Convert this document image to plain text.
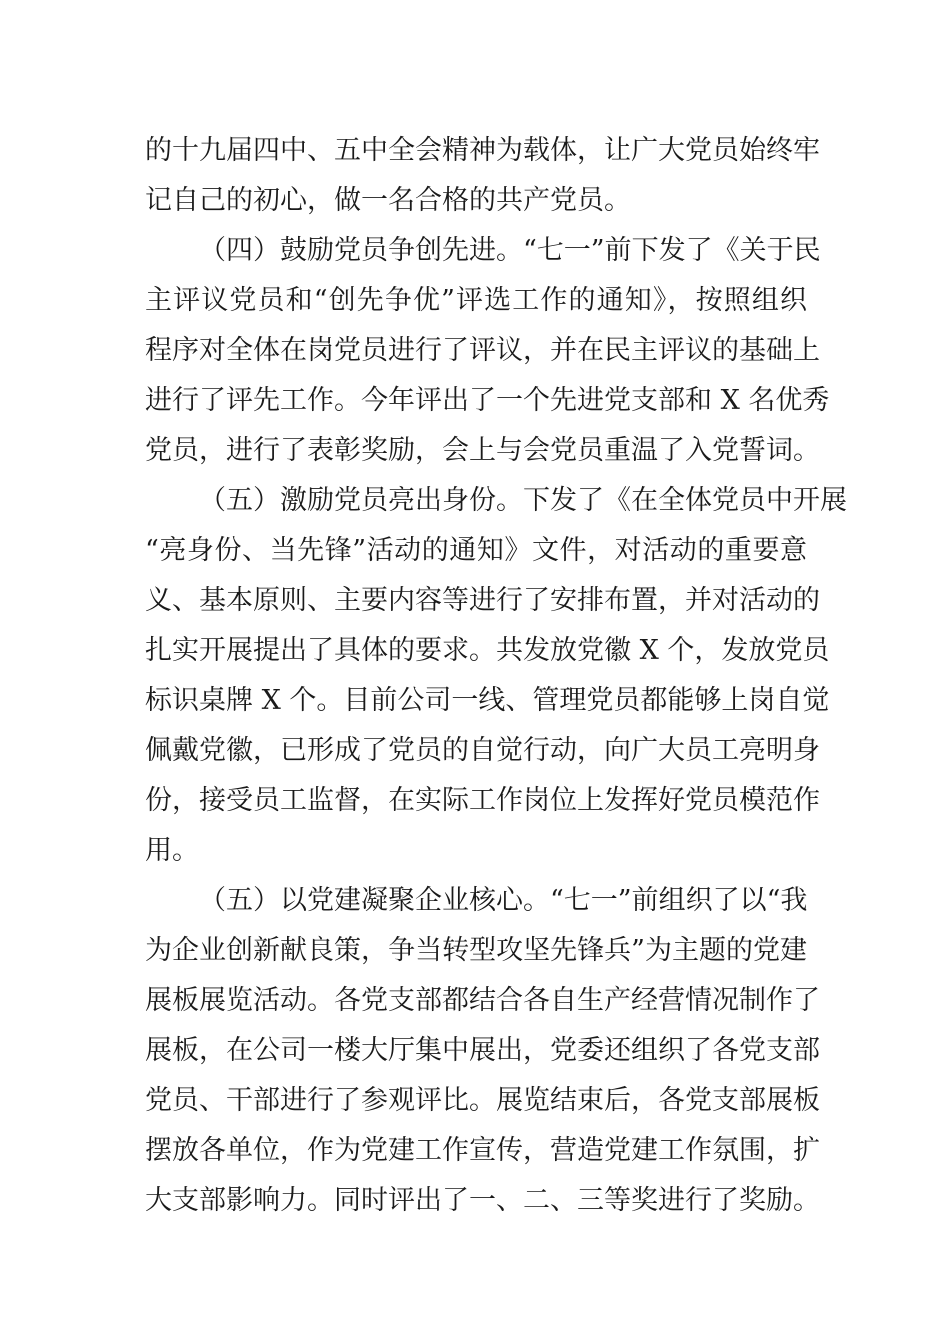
的十九届四中、五中全会精神为载体，让广大党员始终牢
记自己的初心，做一名合格的共产党员。
（四）鼓励党员争创先进。“七一”前下发了《关于民
主评议党员和“创先争优”评选工作的通知》，按照组织
程序对全体在岗党员进行了评议，并在民主评议的基础上
进行了评先工作。今年评出了一个先进党支部和 X 名优秀
党员，进行了表彰奖励，会上与会党员重温了入党誓词。
（五）激励党员亮出身份。下发了《在全体党员中开展
“亮身份、当先锋”活动的通知》文件，对活动的重要意
义、基本原则、主要内容等进行了安排布置，并对活动的
扎实开展提出了具体的要求。共发放党徽 X 个，发放党员
标识桌牌 X 个。目前公司一线、管理党员都能够上岗自觉
佩戴党徽，已形成了党员的自觉行动，向广大员工亮明身
份，接受员工监督，在实际工作岗位上发挥好党员模范作
用。
（五）以党建凝聚企业核心。“七一”前组织了以“我
为企业创新献良策，争当转型攻坚先锋兵”为主题的党建
展板展览活动。各党支部都结合各自生产经营情况制作了
展板，在公司一楼大厅集中展出，党委还组织了各党支部
党员、干部进行了参观评比。展览结束后，各党支部展板
摆放各单位，作为党建工作宣传，营造党建工作氛围，扩
大支部影响力。同时评出了一、二、三等奖进行了奖励。
